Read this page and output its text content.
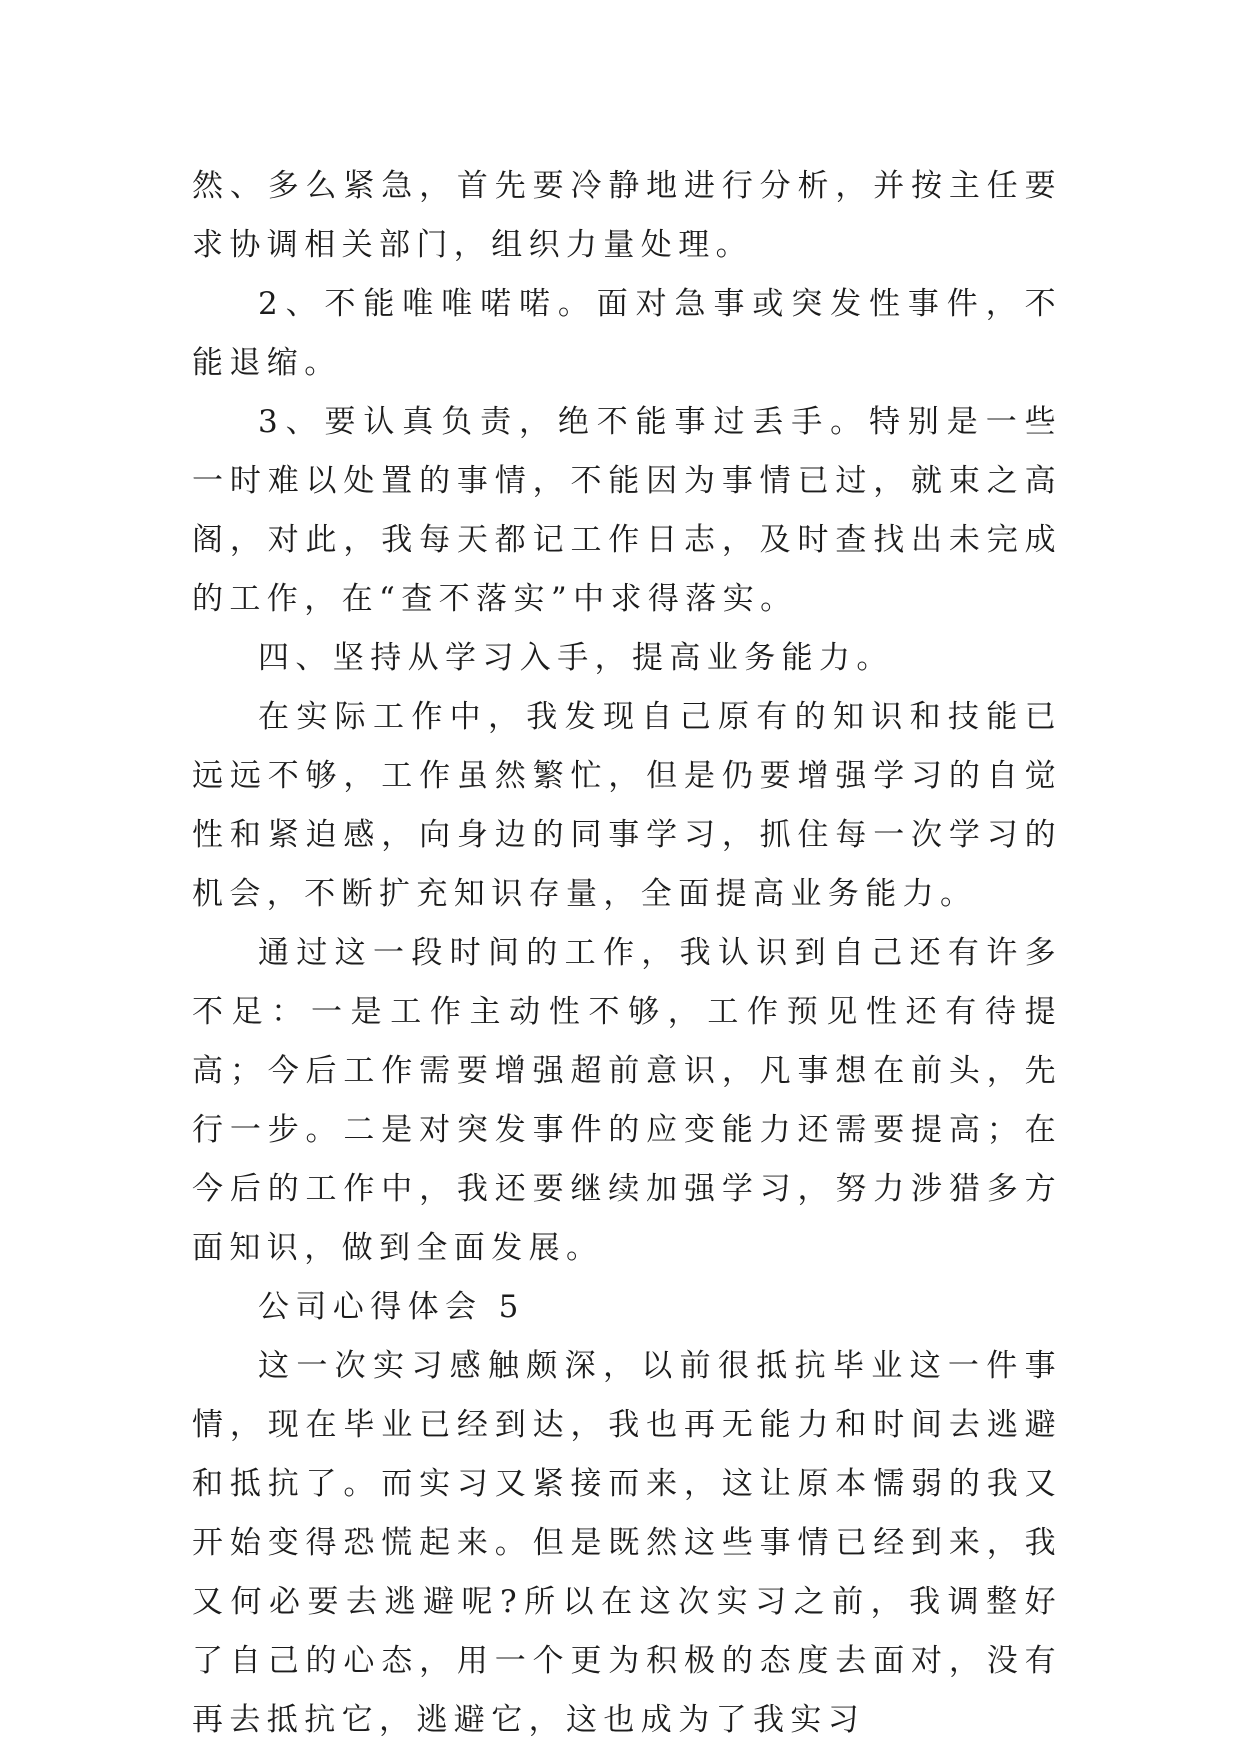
然、多么紧急，首先要冷静地进行分析，并按主任要求协调相关部门，组织力量处理。

2、不能唯唯喏喏。面对急事或突发性事件，不能退缩。

3、要认真负责，绝不能事过丢手。特别是一些一时难以处置的事情，不能因为事情已过，就束之高阁，对此，我每天都记工作日志，及时查找出未完成的工作，在“查不落实”中求得落实。

四、坚持从学习入手，提高业务能力。

在实际工作中，我发现自己原有的知识和技能已远远不够，工作虽然繁忙，但是仍要增强学习的自觉性和紧迫感，向身边的同事学习，抓住每一次学习的机会，不断扩充知识存量，全面提高业务能力。

通过这一段时间的工作，我认识到自己还有许多不足：一是工作主动性不够，工作预见性还有待提高；今后工作需要增强超前意识，凡事想在前头，先行一步。二是对突发事件的应变能力还需要提高；在今后的工作中，我还要继续加强学习，努力涉猎多方面知识，做到全面发展。

公司心得体会 5

这一次实习感触颇深，以前很抵抗毕业这一件事情，现在毕业已经到达，我也再无能力和时间去逃避和抵抗了。而实习又紧接而来，这让原本懦弱的我又开始变得恐慌起来。但是既然这些事情已经到来，我又何必要去逃避呢?所以在这次实习之前，我调整好了自己的心态，用一个更为积极的态度去面对，没有再去抵抗它，逃避它，这也成为了我实习
